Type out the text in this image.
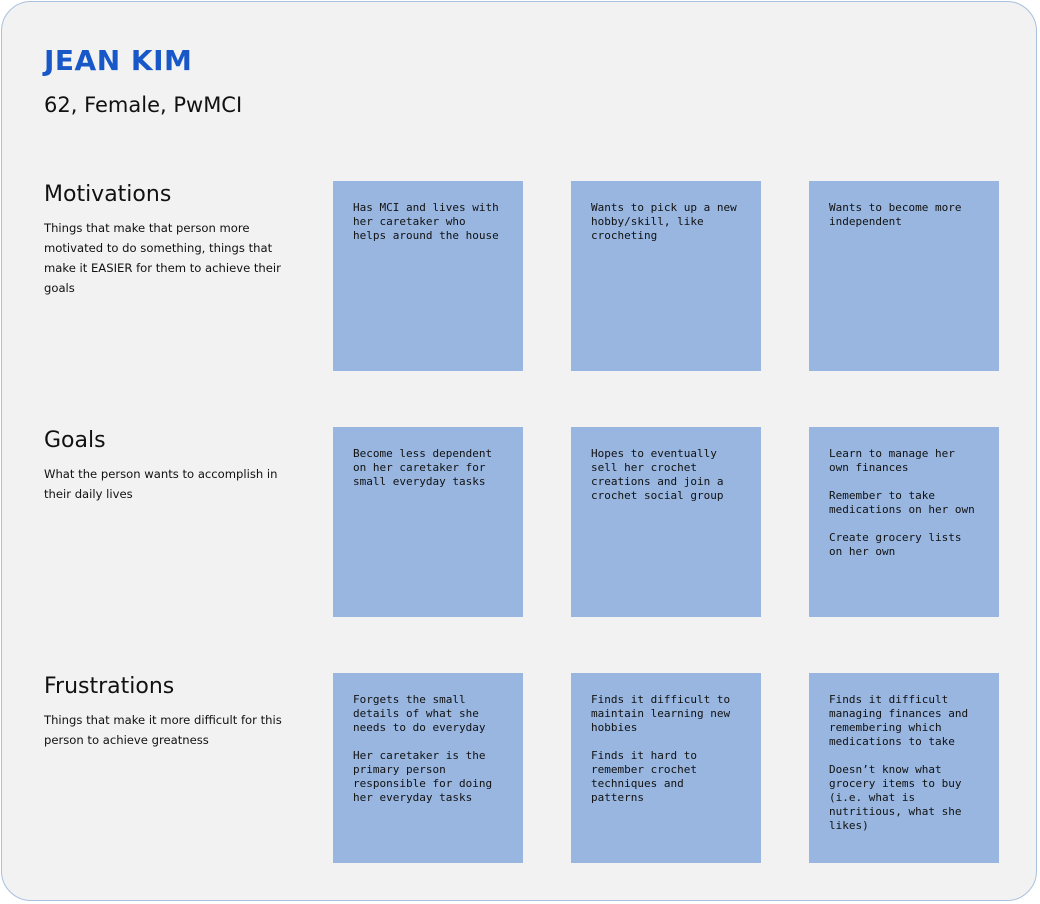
JEAN KIM
62, Female, PwMCI
Motivations
Things that make that person more motivated to do something, things that make it EASIER for them to achieve their goals

Has MCI and lives with her caretaker who helps around the house

Wants to pick up a new hobby/skill, like crocheting

Wants to become more independent

Goals
What the person wants to accomplish in their daily lives

Become less dependent on her caretaker for small everyday tasks

Hopes to eventually sell her crochet creations and join a crochet social group

Learn to manage her own finances

Remember to take medications on her own

Create grocery lists on her own

Frustrations
Things that make it more difficult for this person to achieve greatness

Forgets the small details of what she needs to do everyday

Her caretaker is the primary person responsible for doing her everyday tasks

Finds it difficult to maintain learning new hobbies

Finds it hard to remember crochet techniques and patterns

Finds it difficult managing finances and remembering which medications to take

Doesn’t know what grocery items to buy (i.e. what is nutritious, what she likes)
